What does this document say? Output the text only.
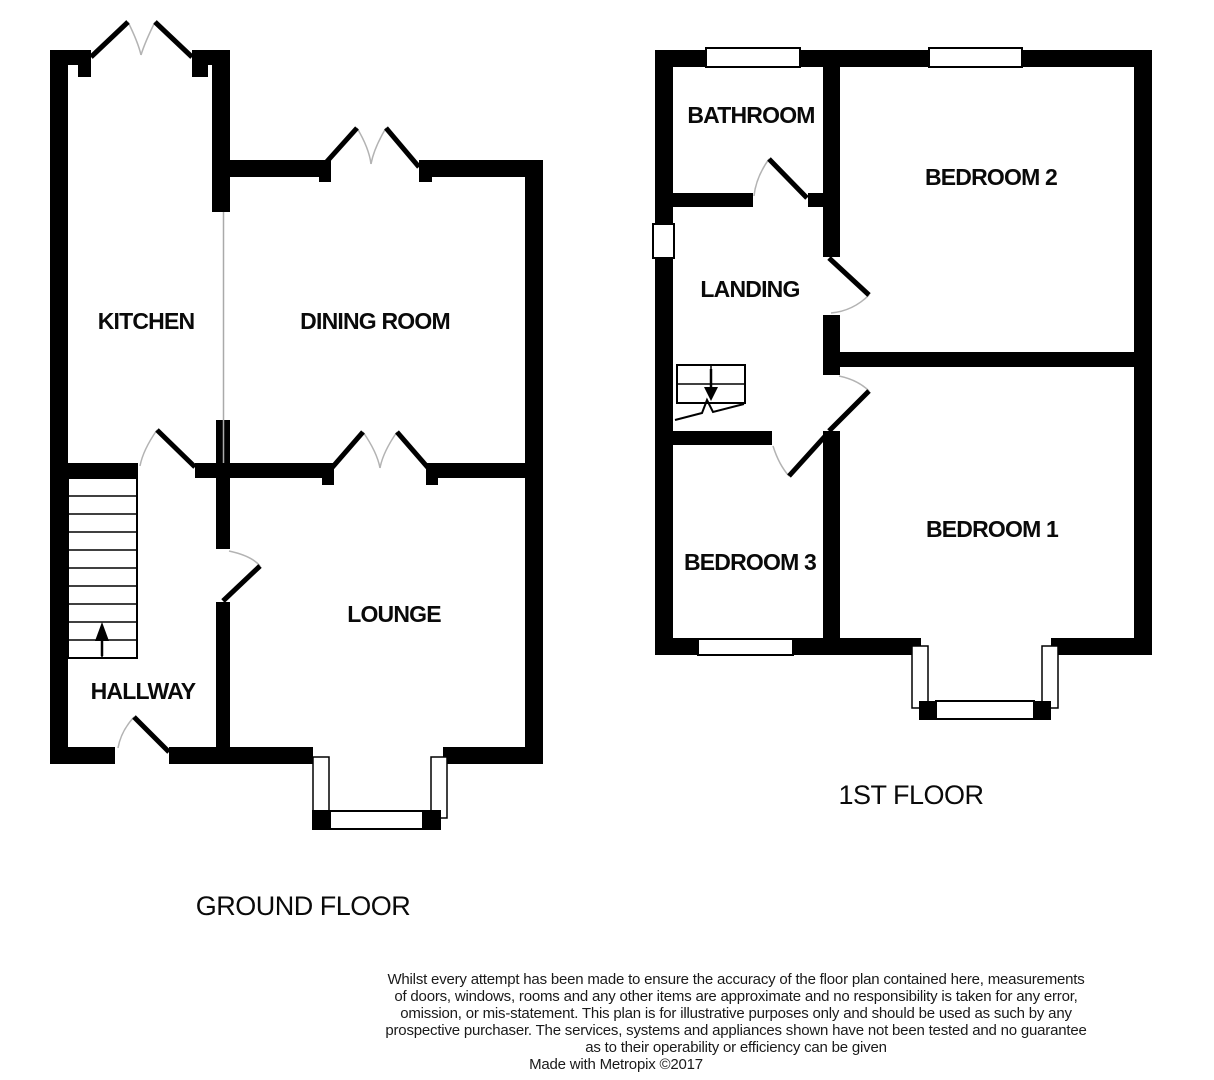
KITCHEN	DINING ROOM
LOUNGE
HALLWAY
GROUND FLOOR
BATHROOM
BEDROOM 2
LANDING
BEDROOM 3
BEDROOM 1
1ST FLOOR
Whilst every attempt has been made to ensure the accuracy of the floor plan contained here, measurements
of doors, windows, rooms and any other items are approximate and no responsibility is taken for any error,
omission, or mis-statement. This plan is for illustrative purposes only and should be used as such by any
prospective purchaser. The services, systems and appliances shown have not been tested and no guarantee
as to their operability or efficiency can be given
Made with Metropix ©2017
